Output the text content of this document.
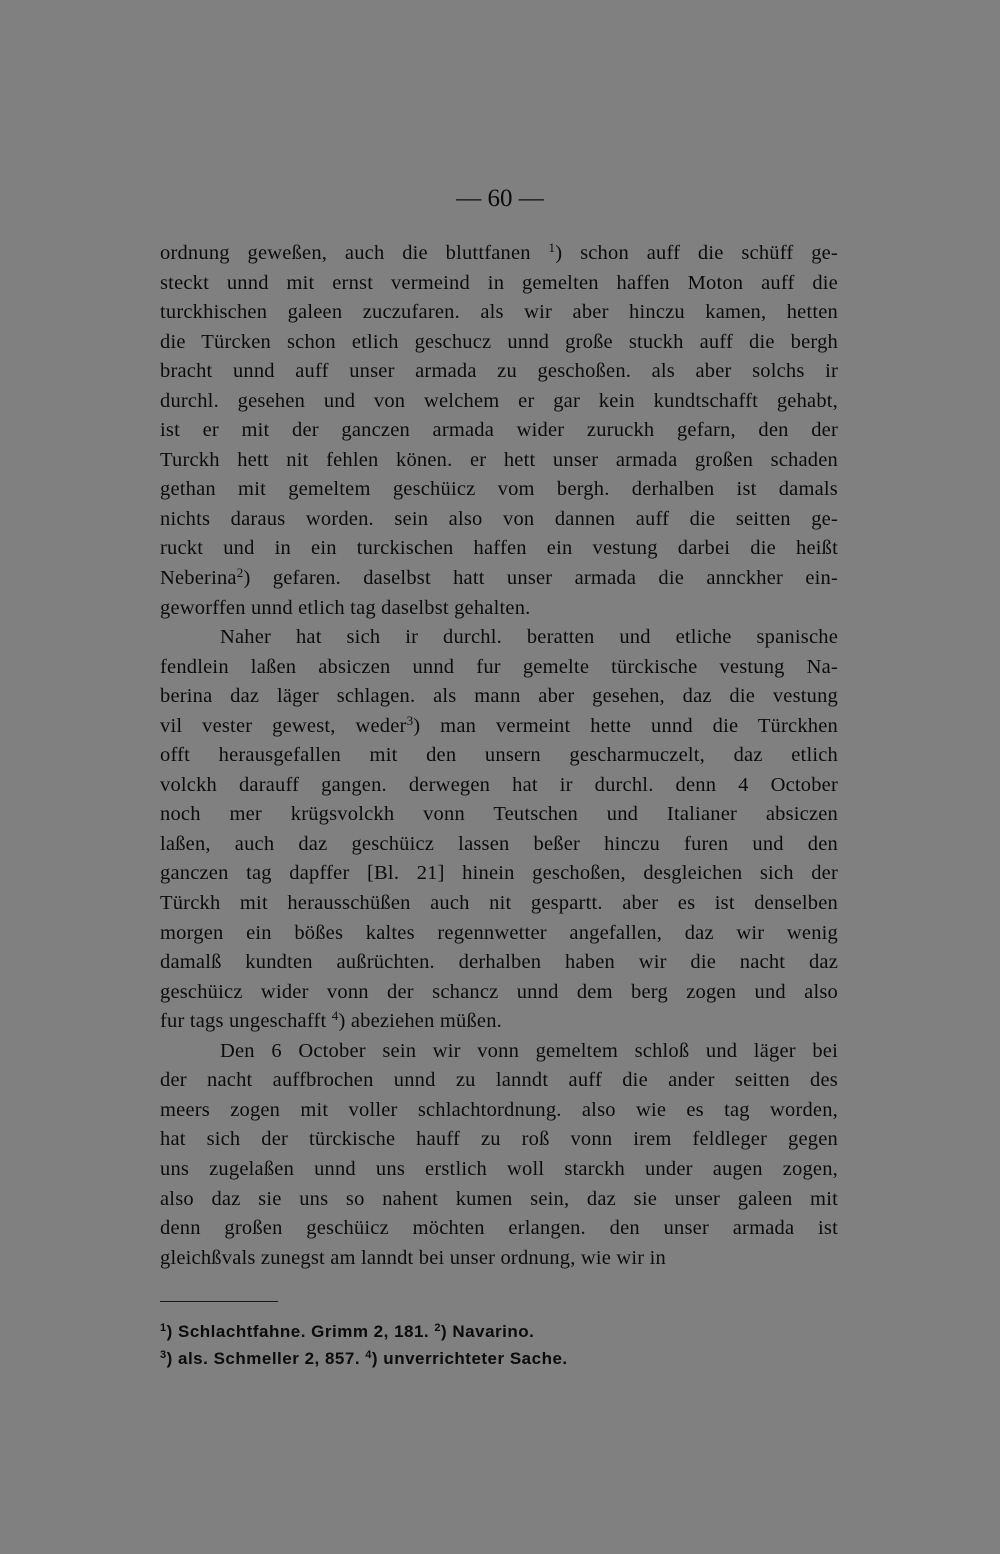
— 60 —
ordnung geweßen, auch die bluttfanen $^1$) schon auff die schüff ge-
steckt unnd mit ernst vermeind in gemelten haffen Moton auff die
turckhischen galeen zuczufaren. als wir aber hinczu kamen, hetten
die Türcken schon etlich geschucz unnd große stuckh auff die bergh
bracht unnd auff unser armada zu geschoßen. als aber solchs ir
durchl. gesehen und von welchem er gar kein kundtschafft gehabt,
ist er mit der ganczen armada wider zuruckh gefarn, den der
Turckh hett nit fehlen könen. er hett unser armada großen schaden
gethan mit gemeltem geschüicz vom bergh. derhalben ist damals
nichts daraus worden. sein also von dannen auff die seitten ge-
ruckt und in ein turckischen haffen ein vestung darbei die heißt
Neberina$^2$) gefaren. daselbst hatt unser armada die annckher ein-
geworffen unnd etlich tag daselbst gehalten.
Naher hat sich ir durchl. beratten und etliche spanische
fendlein laßen absiczen unnd fur gemelte türckische vestung Na-
berina daz läger schlagen. als mann aber gesehen, daz die vestung
vil vester gewest, weder$^3$) man vermeint hette unnd die Türckhen
offt herausgefallen mit den unsern gescharmuczelt, daz etlich
volckh darauff gangen. derwegen hat ir durchl. denn 4 October
noch mer krügsvolckh vonn Teutschen und Italianer absiczen
laßen, auch daz geschüicz lassen beßer hinczu furen und den
ganczen tag dapffer [Bl. 21] hinein geschoßen, desgleichen sich der
Türckh mit herausschüßen auch nit gespartt. aber es ist denselben
morgen ein bößes kaltes regennwetter angefallen, daz wir wenig
damalß kundten außrüchten. derhalben haben wir die nacht daz
geschüicz wider vonn der schancz unnd dem berg zogen und also
fur tags ungeschafft $^4$) abeziehen müßen.
Den 6 October sein wir vonn gemeltem schloß und läger bei
der nacht auffbrochen unnd zu lanndt auff die ander seitten des
meers zogen mit voller schlachtordnung. also wie es tag worden,
hat sich der türckische hauff zu roß vonn irem feldleger gegen
uns zugelaßen unnd uns erstlich woll starckh under augen zogen,
also daz sie uns so nahent kumen sein, daz sie unser galeen mit
denn großen geschüicz möchten erlangen. den unser armada ist
gleichßvals zunegst am lanndt bei unser ordnung, wie wir in
$^1$) Schlachtfahne. Grimm 2, 181. $^2$) Navarino.
$^3$) als. Schmeller 2, 857. $^4$) unverrichteter Sache.
